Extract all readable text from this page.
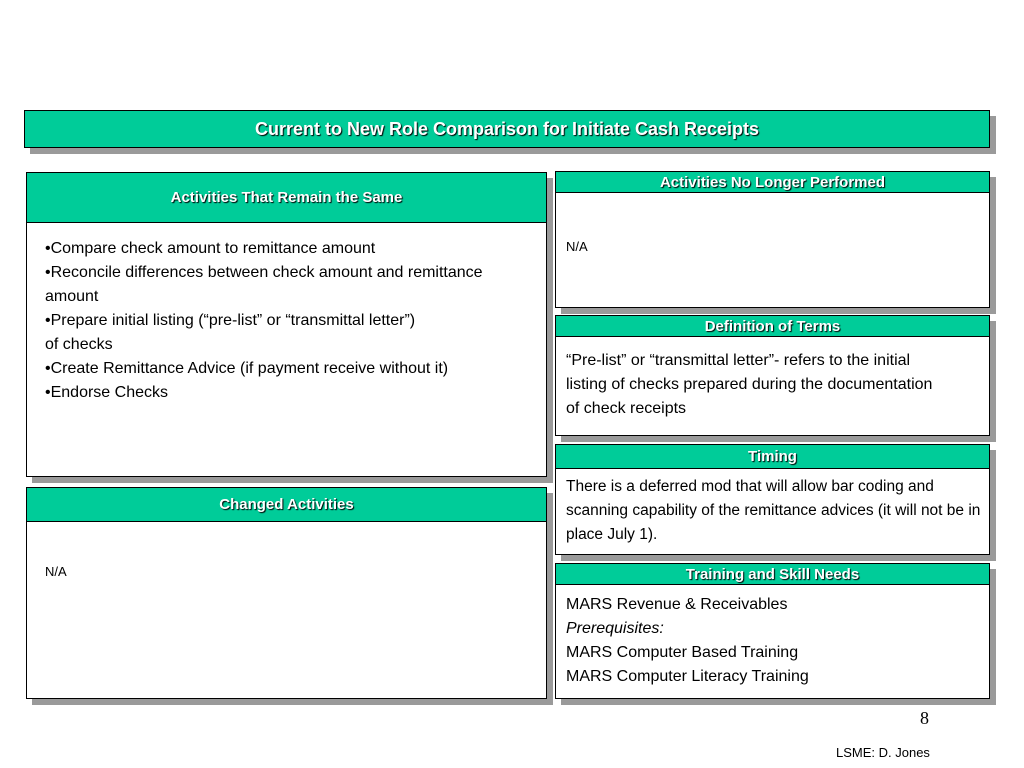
Current to New Role Comparison for Initiate Cash Receipts
Activities That Remain the Same
•Compare check amount to remittance amount
•Reconcile differences between check amount and remittance amount
•Prepare initial listing (“pre-list” or “transmittal letter”)
of checks
•Create Remittance Advice (if payment receive without it)
•Endorse Checks
Changed Activities
N/A
Activities No Longer Performed
N/A
Definition of Terms
“Pre-list” or “transmittal letter”- refers to the initial
listing of checks prepared during the documentation
of check receipts
Timing
There is a deferred mod that will allow bar coding and scanning capability of the remittance advices (it will not be in place July 1).
Training and Skill Needs
MARS Revenue & Receivables
Prerequisites:
MARS Computer Based Training
MARS Computer Literacy Training
8
LSME: D. Jones
